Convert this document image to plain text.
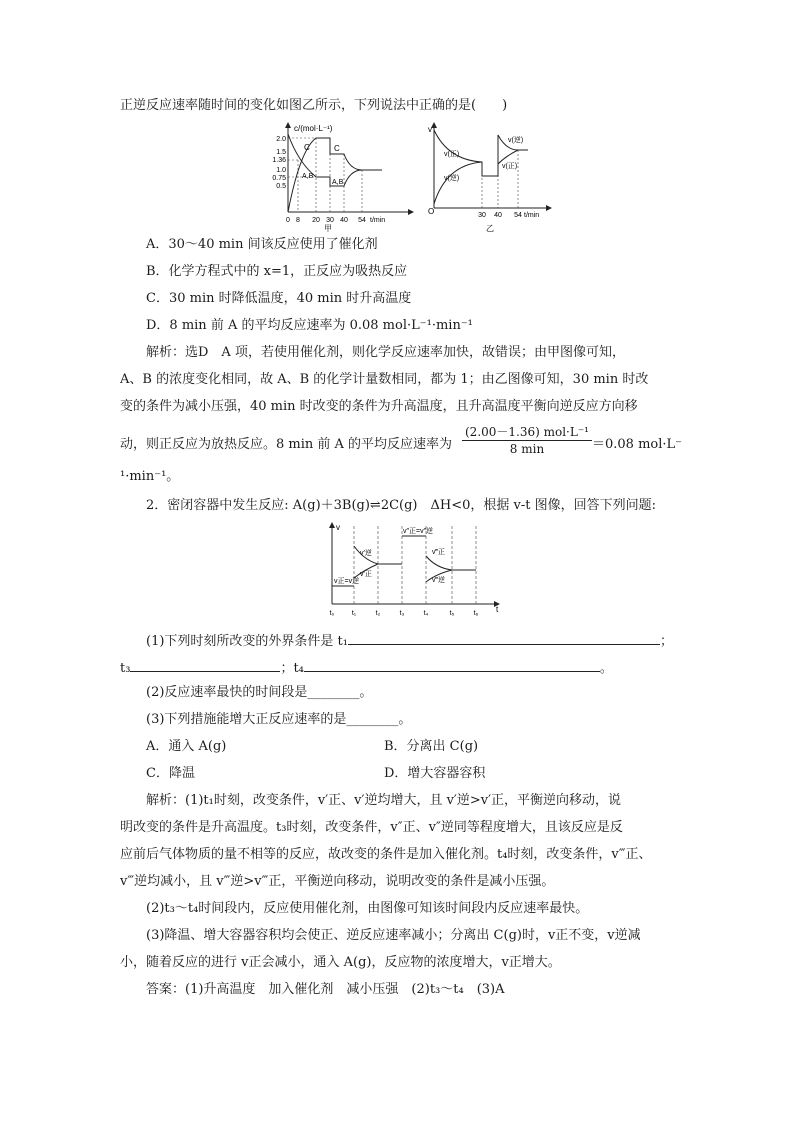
正逆反应速率随时间的变化如图乙所示，下列说法中正确的是(　　)
c/(mol·L⁻¹)
2.0
1.5
1.36
1.0
0.75
0.5
C
A,B
C
A,B
0 8 20 30 40 54 t/min
甲
v
O
v(正)
v(逆)
v(逆)
v(正)
30 40 54 t/min
乙
A．30～40 min 间该反应使用了催化剂
B．化学方程式中的 x=1，正反应为吸热反应
C．30 min 时降低温度，40 min 时升高温度
D．8 min 前 A 的平均反应速率为 0.08 mol·L⁻¹·min⁻¹
解析：选D　A 项，若使用催化剂，则化学反应速率加快，故错误；由甲图像可知，
A、B 的浓度变化相同，故 A、B 的化学计量数相同，都为 1；由乙图像可知，30 min 时改
变的条件为减小压强，40 min 时改变的条件为升高温度，且升高温度平衡向逆反应方向移
动，则正反应为放热反应。8 min 前 A 的平均反应速率为
(2.00－1.36) mol·L⁻¹
8 min	＝0.08 mol·L⁻
¹·min⁻¹。
2．密闭容器中发生反应: A(g)＋3B(g)⇌2C(g)　ΔH<0，根据 v-t 图像，回答下列问题:
v
t
v正=v逆
v′逆
v′正
v″正=v″逆
v‴正
v‴逆
t₀ t₁	t₂	t₃	t₄	t₅	t₆
(1)下列时刻所改变的外界条件是 t₁	；
t₃	；t₄	。
(2)反应速率最快的时间段是________。
(3)下列措施能增大正反应速率的是________。
A．通入 A(g)	B．分离出 C(g)
C．降温	D．增大容器容积
解析：(1)t₁时刻，改变条件，v′正、v′逆均增大，且 v′逆>v′正，平衡逆向移动，说
明改变的条件是升高温度。t₃时刻，改变条件，v″正、v″逆同等程度增大，且该反应是反
应前后气体物质的量不相等的反应，故改变的条件是加入催化剂。t₄时刻，改变条件，v‴正、
v‴逆均减小，且 v‴逆>v‴正，平衡逆向移动，说明改变的条件是减小压强。
(2)t₃～t₄时间段内，反应使用催化剂，由图像可知该时间段内反应速率最快。
(3)降温、增大容器容积均会使正、逆反应速率减小；分离出 C(g)时，v正不变，v逆减
小，随着反应的进行 v正会减小，通入 A(g)，反应物的浓度增大，v正增大。
答案：(1)升高温度　加入催化剂　减小压强　(2)t₃～t₄　(3)A
